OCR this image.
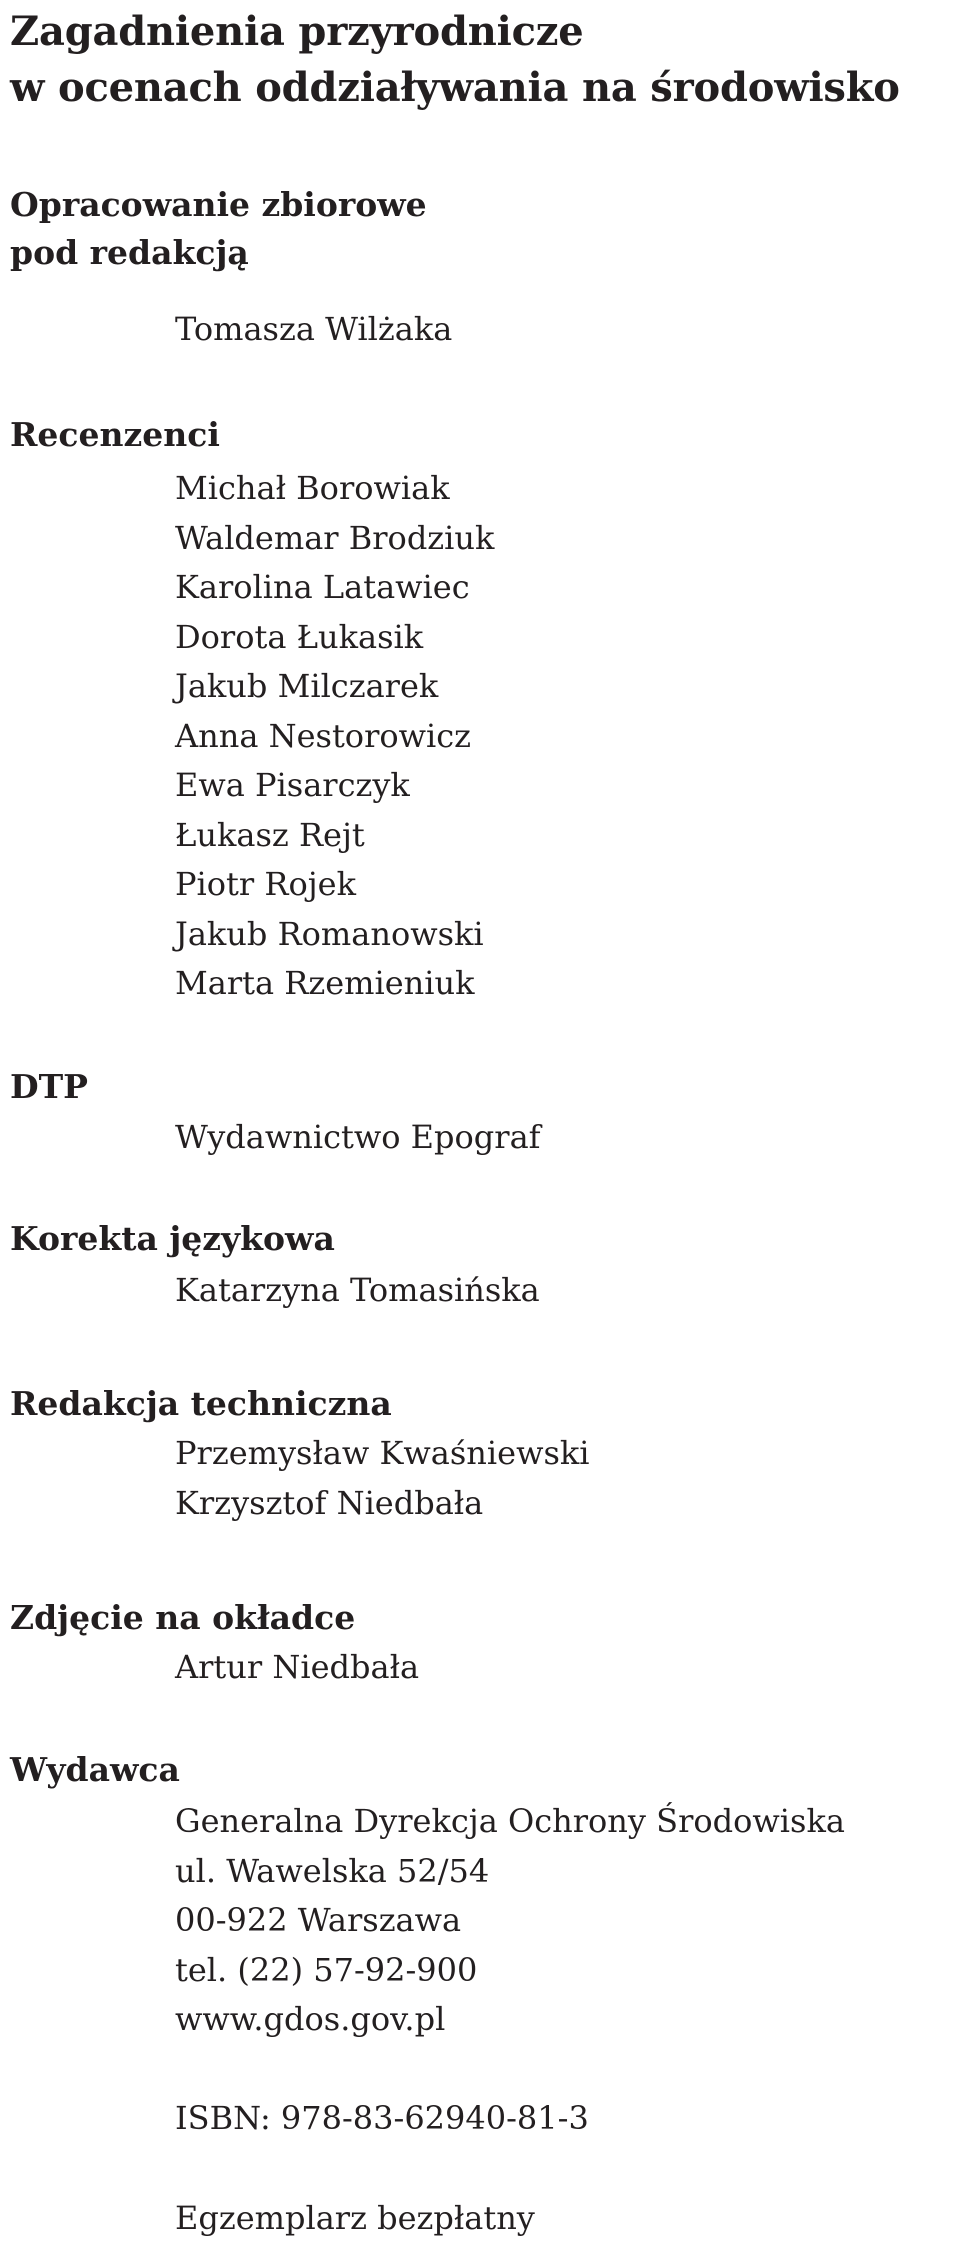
Zagadnienia przyrodnicze
w ocenach oddziaływania na środowisko
Opracowanie zbiorowe
pod redakcją
Tomasza Wilżaka
Recenzenci
Michał Borowiak
Waldemar Brodziuk
Karolina Latawiec
Dorota Łukasik
Jakub Milczarek
Anna Nestorowicz
Ewa Pisarczyk
Łukasz Rejt
Piotr Rojek
Jakub Romanowski
Marta Rzemieniuk
DTP
Wydawnictwo Epograf
Korekta językowa
Katarzyna Tomasińska
Redakcja techniczna
Przemysław Kwaśniewski
Krzysztof Niedbała
Zdjęcie na okładce
Artur Niedbała
Wydawca
Generalna Dyrekcja Ochrony Środowiska
ul. Wawelska 52/54
00-922 Warszawa
tel. (22) 57-92-900
www.gdos.gov.pl
ISBN: 978-83-62940-81-3
Egzemplarz bezpłatny
